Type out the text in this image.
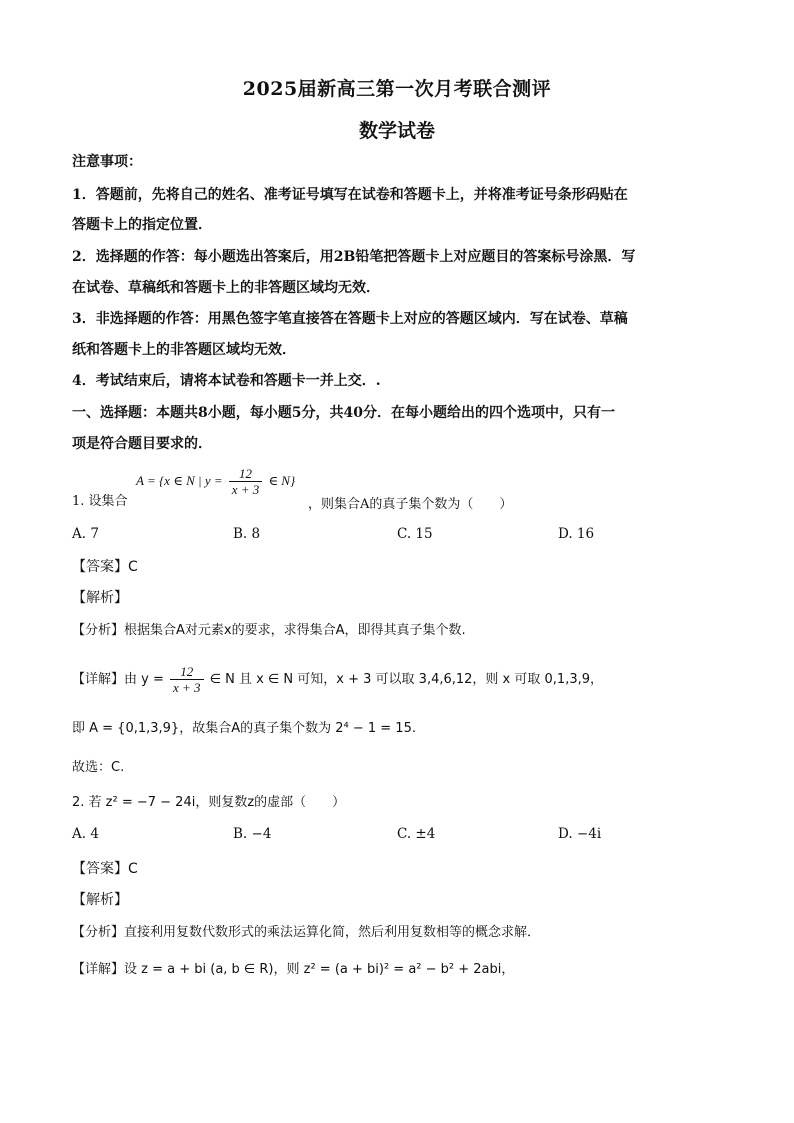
2025届新高三第一次月考联合测评
数学试卷
注意事项：
1．答题前，先将自己的姓名、准考证号填写在试卷和答题卡上，并将准考证号条形码贴在
答题卡上的指定位置．
2．选择题的作答：每小题选出答案后，用2B铅笔把答题卡上对应题目的答案标号涂黑．写
在试卷、草稿纸和答题卡上的非答题区域均无效．
3．非选择题的作答：用黑色签字笔直接答在答题卡上对应的答题区域内．写在试卷、草稿
纸和答题卡上的非答题区域均无效．
4．考试结束后，请将本试卷和答题卡一并上交．.
一、选择题：本题共8小题，每小题5分，共40分．在每小题给出的四个选项中，只有一
项是符合题目要求的．
1. 设集合
A = {x ∈ N | $y = \frac{12}{x + 3}$ ∈ N}
，则集合A的真子集个数为（　　）
A. 7	B. 8	C. 15	D. 16
【答案】C
【解析】
【分析】根据集合A对元素x的要求，求得集合A，即得其真子集个数.
【详解】由 $y = \frac{12}{x + 3}$ ∈ N 且 x ∈ N 可知，x + 3 可以取 3,4,6,12，则 x 可取 0,1,3,9，
即 A = {0,1,3,9}，故集合A的真子集个数为 2⁴ − 1 = 15.
故选：C.
2. 若 z² = −7 − 24i，则复数z的虚部（　　）
A. 4	B. −4	C. ±4	D. −4i
【答案】C
【解析】
【分析】直接利用复数代数形式的乘法运算化简，然后利用复数相等的概念求解．
【详解】设 z = a + bi (a, b ∈ R)，则 z² = (a + bi)² = a² − b² + 2abi，
